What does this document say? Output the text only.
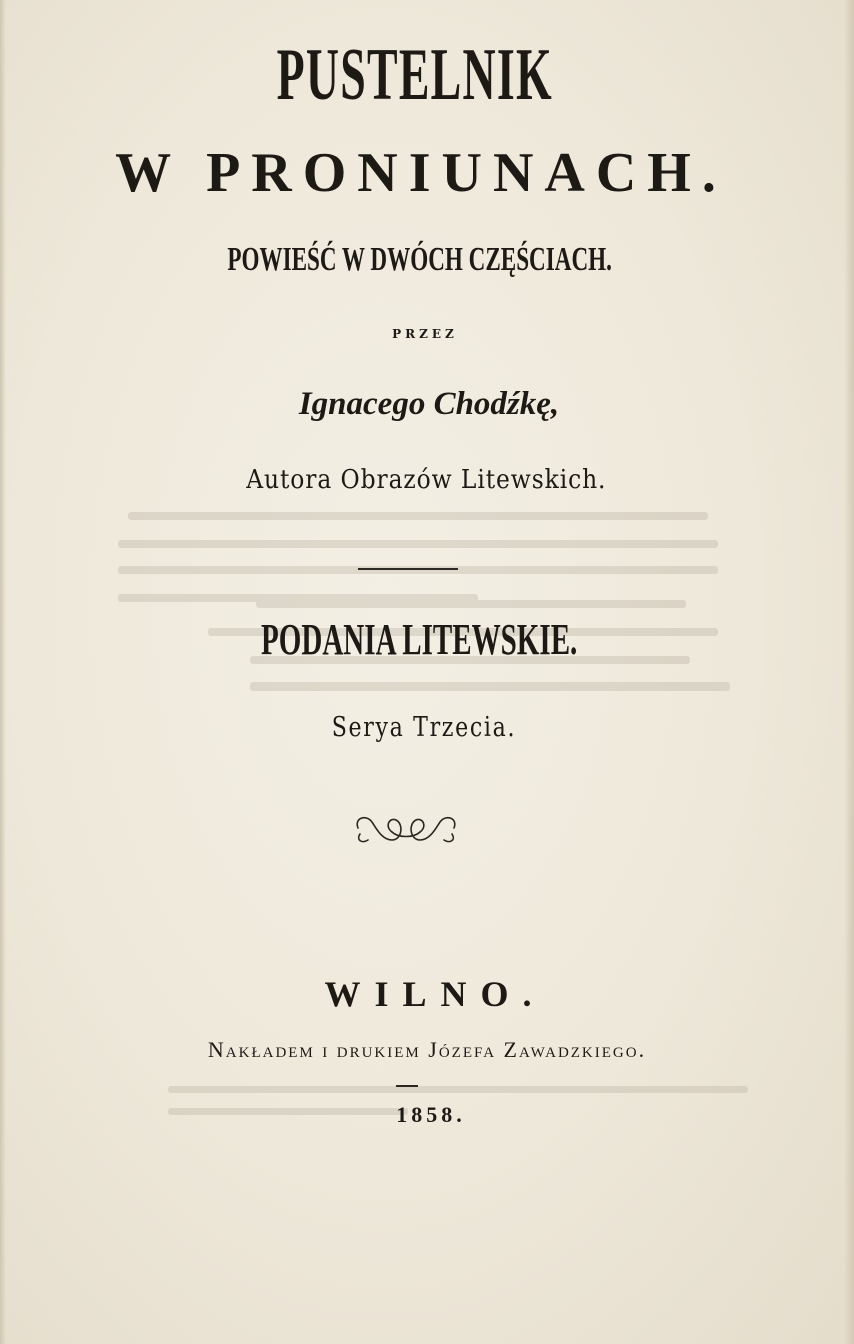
PUSTELNIK
W PRONIUNACH.
POWIEŚĆ W DWÓCH CZĘŚCIACH.
PRZEZ
Ignacego Chodźkę,
Autora Obrazów Litewskich.
PODANIA LITEWSKIE.
Serya Trzecia.
WILNO.
Nakładem i drukiem Józefa Zawadzkiego.
1858.
